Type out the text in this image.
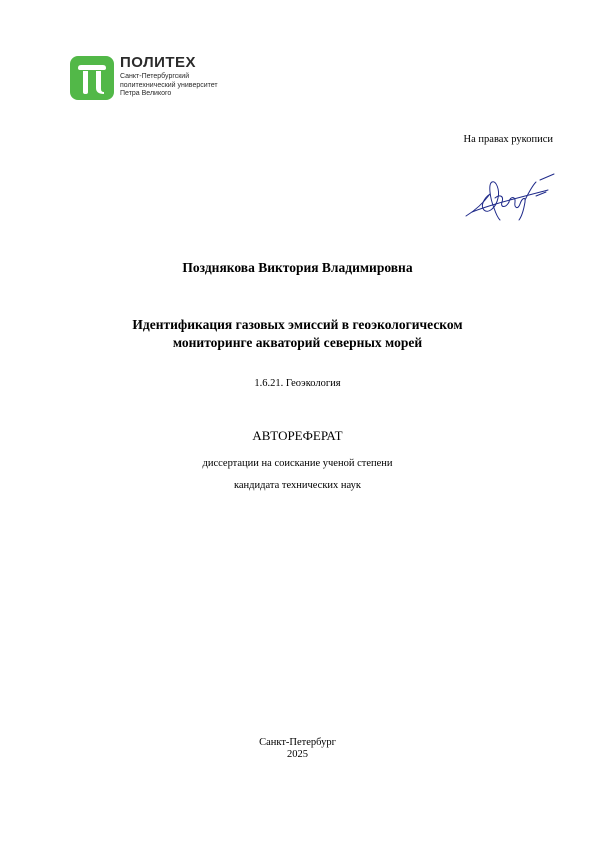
ПОЛИТЕХ
Санкт-Петербургский
политехнический университет
Петра Великого
На правах рукописи
Позднякова Виктория Владимировна
Идентификация газовых эмиссий в геоэкологическом
мониторинге акваторий северных морей
1.6.21. Геоэкология
АВТОРЕФЕРАТ
диссертации на соискание ученой степени
кандидата технических наук
Санкт-Петербург
2025
